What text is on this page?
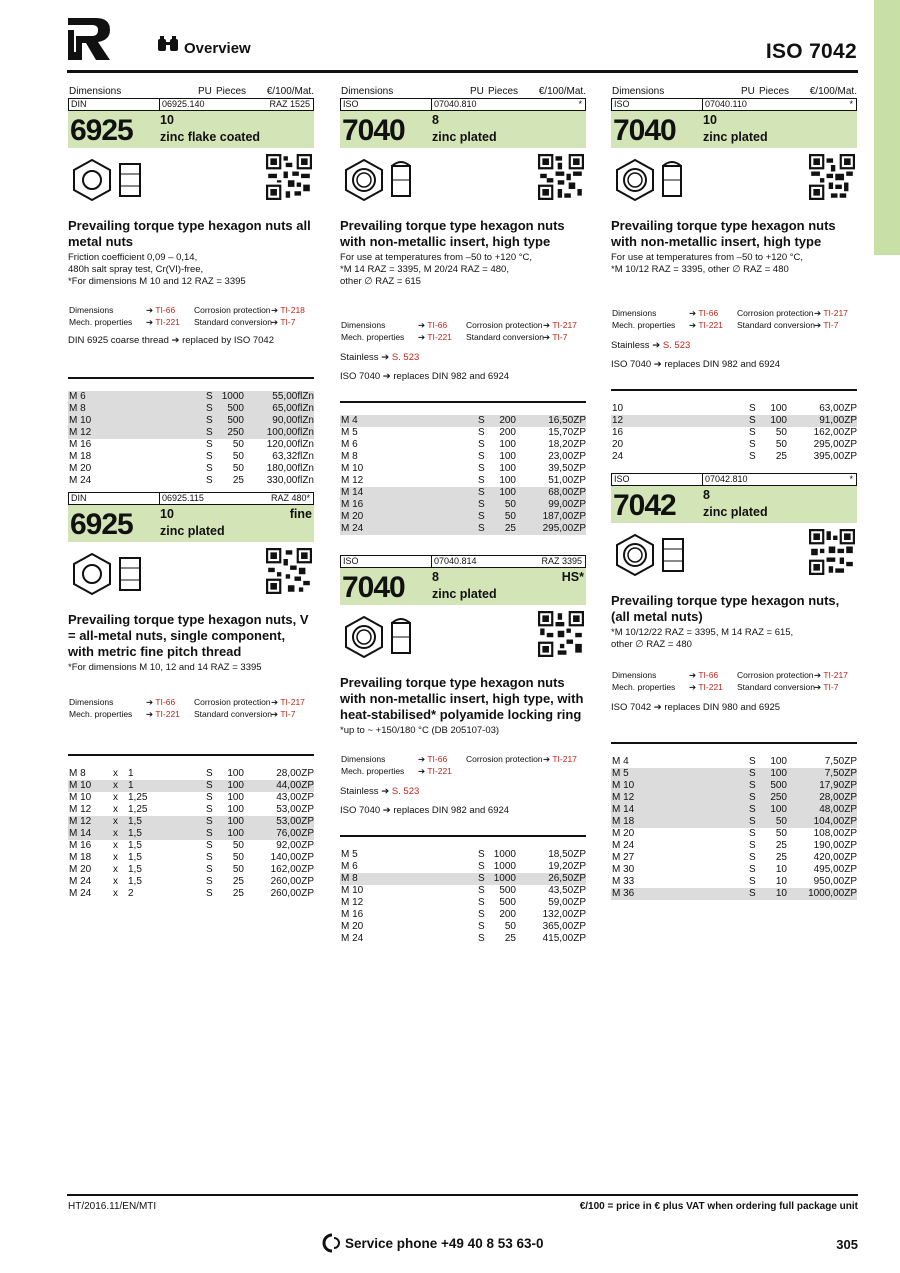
Overview	ISO 7042
Dimensions	PU Pieces €/100/Mat.
DIN	06925.140	RAZ 1525
6925 10
zinc flake coated
Prevailing torque type hexagon nuts all metal nuts
Friction coefficient 0,09 – 0,14,
480h salt spray test, Cr(VI)-free,
*For dimensions M 10 and 12 RAZ = 3395
Dimensions	➔ TI-66 Corrosion protection ➔ TI-218
Mech. properties ➔ TI-221 Standard conversion ➔ TI-7
DIN 6925 coarse thread ➔ replaced by ISO 7042
M 6	S 1000	55,00flZn
M 8	S 500	65,00flZn
M 10	S 500	90,00flZn
M 12	S 250 100,00flZn
M 16	S 50 120,00flZn
M 18	S 50	63,32flZn
M 20	S 50 180,00flZn
M 24	S 25 330,00flZn
DIN	06925.115	RAZ 480*
6925 10
zinc plated
fine
Prevailing torque type hexagon nuts, V = all-metal nuts, single component, with metric fine pitch thread
*For dimensions M 10, 12 and 14 RAZ = 3395
Dimensions	➔ TI-66 Corrosion protection ➔ TI-217
Mech. properties ➔ TI-221 Standard conversion ➔ TI-7
M 8	x 1	S 100	28,00ZP
M 10 x 1	S 100	44,00ZP
M 10 x 1,25	S 100	43,00ZP
M 12 x 1,25	S 100	53,00ZP
M 12 x 1,5	S 100	53,00ZP
M 14 x 1,5	S 100	76,00ZP
M 16 x 1,5	S 50	92,00ZP
M 18 x 1,5	S 50	140,00ZP
M 20 x 1,5	S 50	162,00ZP
M 24 x 1,5	S 25	260,00ZP
M 24 x 2	S 25	260,00ZP
Dimensions	PU Pieces €/100/Mat.
ISO	07040.810	*
7040 8
zinc plated
Prevailing torque type hexagon nuts with non-metallic insert, high type
For use at temperatures from –50 to +120 °C,
*M 14 RAZ = 3395, M 20/24 RAZ = 480,
other ∅ RAZ = 615
Dimensions	➔ TI-66 Corrosion protection ➔ TI-217
Mech. properties ➔ TI-221 Standard conversion ➔ TI-7
Stainless ➔ S. 523
ISO 7040 ➔ replaces DIN 982 and 6924
M 4	S 200	16,50ZP
M 5	S 200	15,70ZP
M 6	S 100	18,20ZP
M 8	S 100	23,00ZP
M 10	S 100	39,50ZP
M 12	S 100	51,00ZP
M 14	S 100	68,00ZP
M 16	S 50	99,00ZP
M 20	S 50	187,00ZP
M 24	S 25	295,00ZP
ISO	07040.814	RAZ 3395
7040 8
zinc plated
HS*
Prevailing torque type hexagon nuts with non-metallic insert, high type, with heat-stabilised* polyamide locking ring
*up to ~ +150/180 °C (DB 205107-03)
Dimensions	➔ TI-66 Corrosion protection ➔ TI-217
Mech. properties ➔ TI-221
Stainless ➔ S. 523
ISO 7040 ➔ replaces DIN 982 and 6924
M 5	S 1000	18,50ZP
M 6	S 1000	19,20ZP
M 8	S 1000	26,50ZP
M 10	S 500	43,50ZP
M 12	S 500	59,00ZP
M 16	S 200	132,00ZP
M 20	S 50	365,00ZP
M 24	S 25	415,00ZP
Dimensions	PU Pieces €/100/Mat.
ISO	07040.110	*
7040 10
zinc plated
Prevailing torque type hexagon nuts with non-metallic insert, high type
For use at temperatures from –50 to +120 °C,
*M 10/12 RAZ = 3395, other ∅ RAZ = 480
Dimensions	➔ TI-66 Corrosion protection ➔ TI-217
Mech. properties ➔ TI-221 Standard conversion ➔ TI-7
Stainless ➔ S. 523
ISO 7040 ➔ replaces DIN 982 and 6924
10	S 100	63,00ZP
12	S 100	91,00ZP
16	S 50	162,00ZP
20	S 50	295,00ZP
24	S 25	395,00ZP
ISO	07042.810	*
7042 8
zinc plated
Prevailing torque type hexagon nuts, (all metal nuts)
*M 10/12/22 RAZ = 3395, M 14 RAZ = 615,
other ∅ RAZ = 480
Dimensions	➔ TI-66 Corrosion protection ➔ TI-217
Mech. properties ➔ TI-221 Standard conversion ➔ TI-7
ISO 7042 ➔ replaces DIN 980 and 6925
M 4	S 100	7,50ZP
M 5	S 100	7,50ZP
M 10	S 500	17,90ZP
M 12	S 250	28,00ZP
M 14	S 100	48,00ZP
M 18	S 50	104,00ZP
M 20	S 50	108,00ZP
M 24	S 25	190,00ZP
M 27	S 25	420,00ZP
M 30	S 10	495,00ZP
M 33	S 10	950,00ZP
M 36	S 10 1000,00ZP
HT/2016.11/EN/MTI	€/100 = price in € plus VAT when ordering full package unit
Service phone +49 40 8 53 63-0	305
